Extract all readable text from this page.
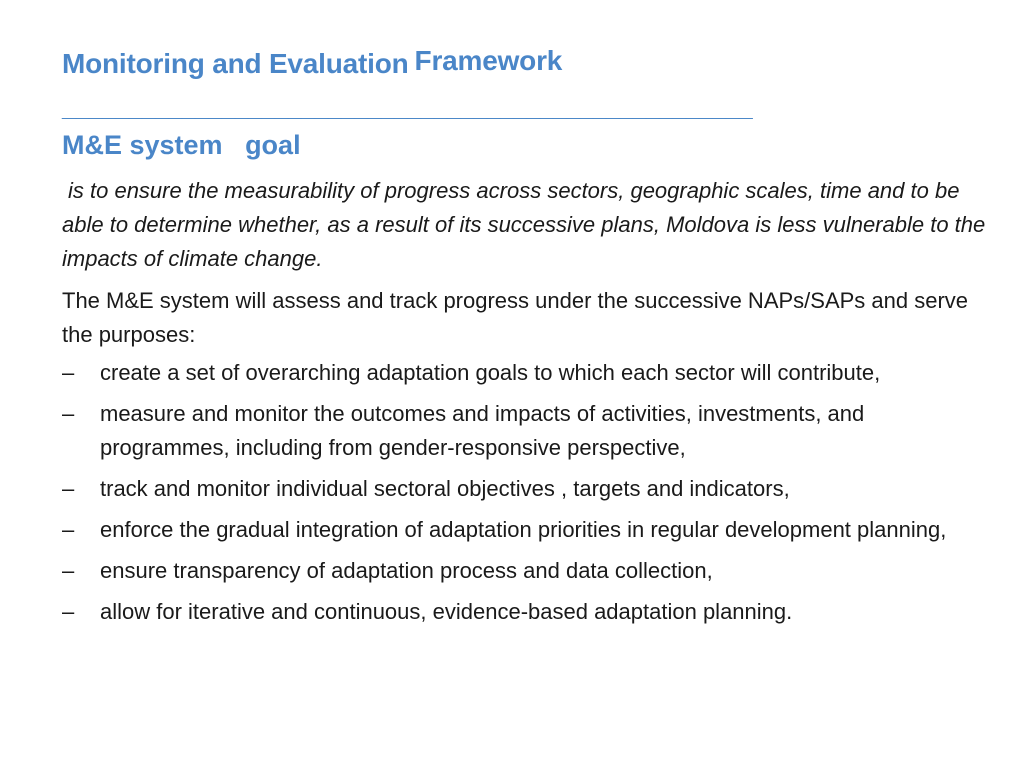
Monitoring and Evaluation Framework
____________________________________________________
M&E system   goal
is to ensure the measurability of progress across sectors, geographic scales, time and to be able to determine whether, as a result of its successive plans, Moldova is less vulnerable to the impacts of climate change.
The M&E system will assess and track progress under the successive NAPs/SAPs and serve the purposes:
‒ create a set of overarching adaptation goals to which each sector will contribute,
‒ measure and monitor the outcomes and impacts of activities, investments, and programmes, including from gender-responsive perspective,
‒ track and monitor individual sectoral objectives , targets and indicators,
‒ enforce the gradual integration of adaptation priorities in regular development planning,
‒ ensure transparency of adaptation process and data collection,
‒ allow for iterative and continuous, evidence-based adaptation planning.
